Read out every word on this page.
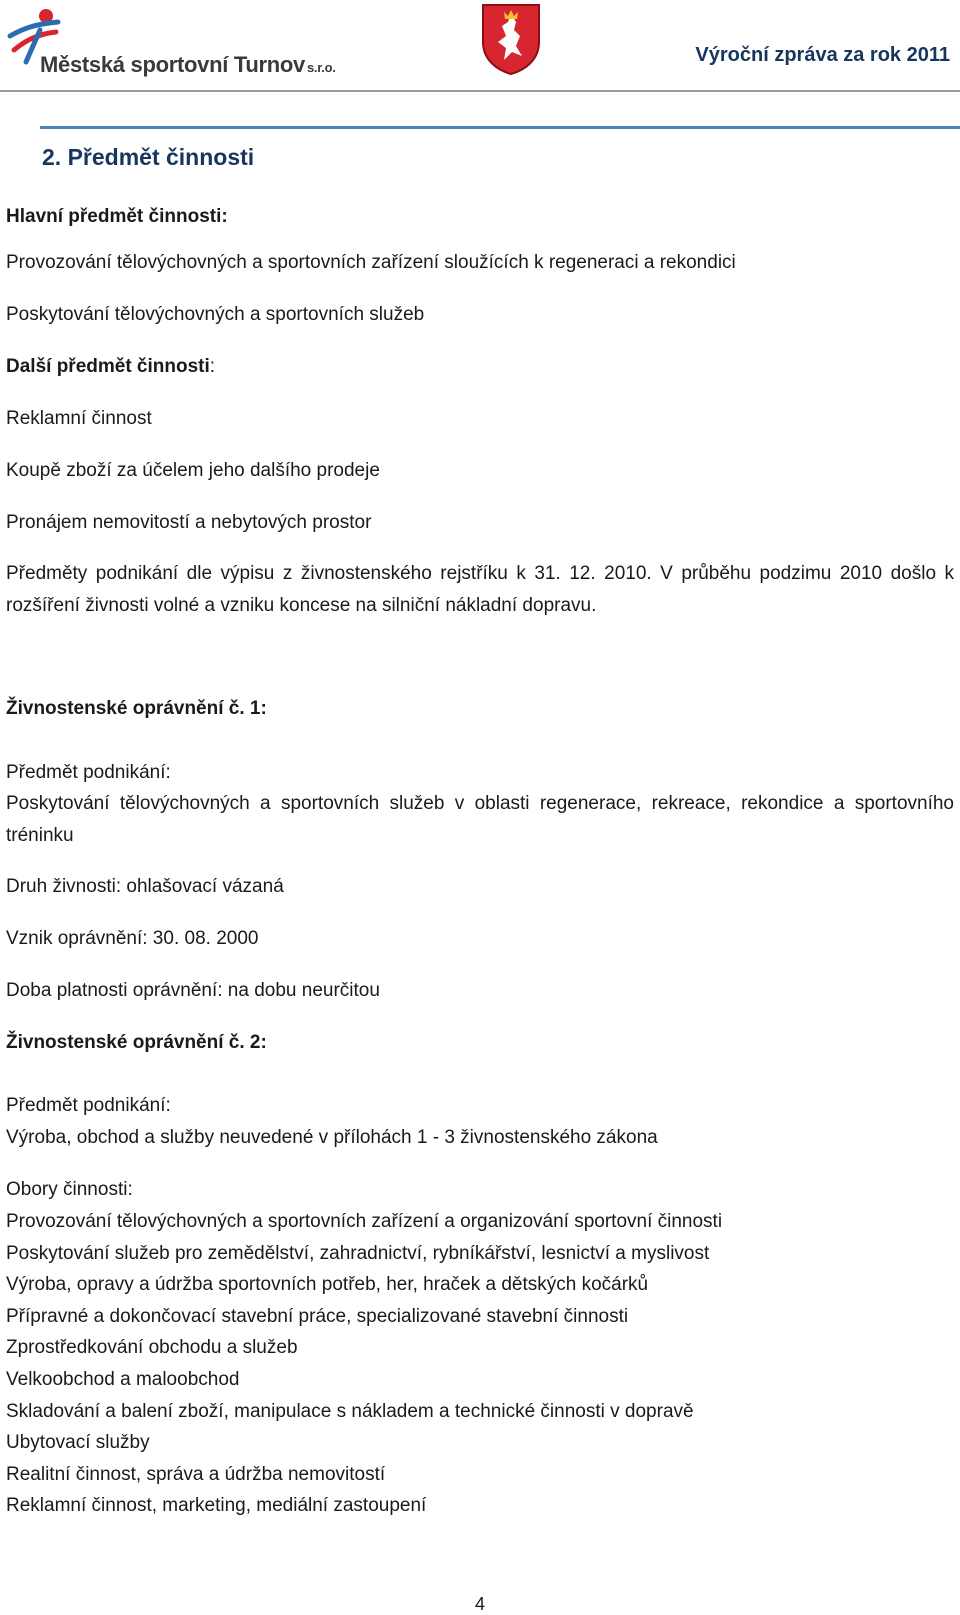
Městská sportovní Turnov s.r.o.
Výroční zpráva za rok 2011
2. Předmět činnosti
Hlavní předmět činnosti:
Provozování tělovýchovných a sportovních zařízení sloužících k regeneraci a rekondici
Poskytování tělovýchovných a sportovních služeb
Další předmět činnosti:
Reklamní činnost
Koupě zboží za účelem jeho dalšího prodeje
Pronájem nemovitostí a nebytových prostor
Předměty podnikání dle výpisu z živnostenského rejstříku k 31. 12. 2010. V průběhu podzimu 2010 došlo k rozšíření živnosti volné a vzniku koncese na silniční nákladní dopravu.
Živnostenské oprávnění č. 1:
Předmět podnikání:
Poskytování tělovýchovných a sportovních služeb v oblasti regenerace, rekreace, rekondice a sportovního tréninku
Druh živnosti: ohlašovací vázaná
Vznik oprávnění: 30. 08. 2000
Doba platnosti oprávnění: na dobu neurčitou
Živnostenské oprávnění č. 2:
Předmět podnikání:
Výroba, obchod a služby neuvedené v přílohách 1 - 3 živnostenského zákona
Obory činnosti:
Provozování tělovýchovných a sportovních zařízení a organizování sportovní činnosti
Poskytování služeb pro zemědělství, zahradnictví, rybníkářství, lesnictví a myslivost
Výroba, opravy a údržba sportovních potřeb, her, hraček a dětských kočárků
Přípravné a dokončovací stavební práce, specializované stavební činnosti
Zprostředkování obchodu a služeb
Velkoobchod a maloobchod
Skladování a balení zboží, manipulace s nákladem a technické činnosti v dopravě
Ubytovací služby
Realitní činnost, správa a údržba nemovitostí
Reklamní činnost, marketing, mediální zastoupení
4
